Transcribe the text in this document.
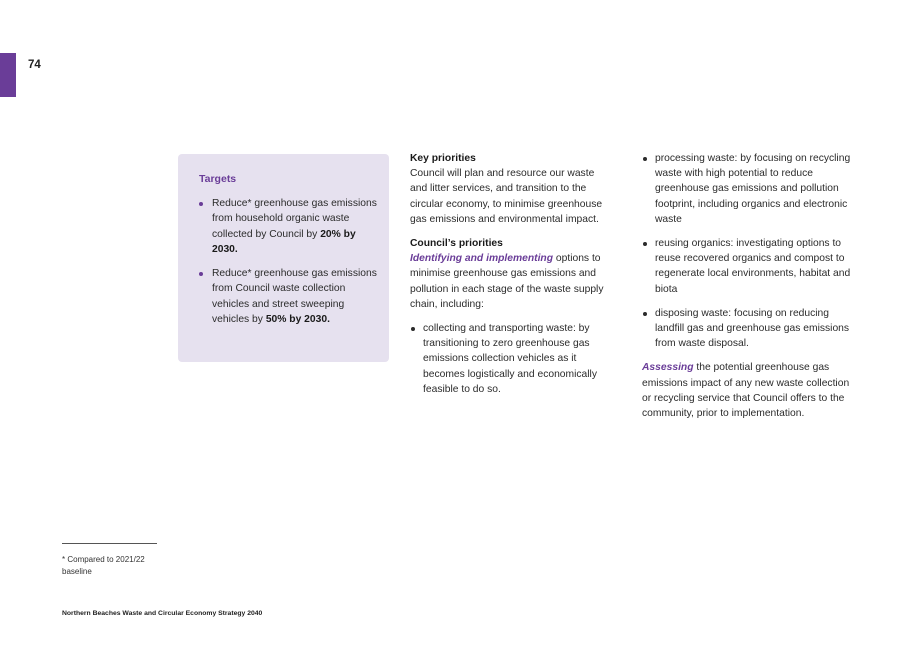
74
Targets
Reduce* greenhouse gas emissions from household organic waste collected by Council by 20% by 2030.
Reduce* greenhouse gas emissions from Council waste collection vehicles and street sweeping vehicles by 50% by 2030.
Key priorities

Council will plan and resource our waste and litter services, and transition to the circular economy, to minimise greenhouse gas emissions and environmental impact.

Council’s priorities

Identifying and implementing options to minimise greenhouse gas emissions and pollution in each stage of the waste supply chain, including:

collecting and transporting waste: by transitioning to zero greenhouse gas emissions collection vehicles as it becomes logistically and economically feasible to do so.
processing waste: by focusing on recycling waste with high potential to reduce greenhouse gas emissions and pollution footprint, including organics and electronic waste
reusing organics: investigating options to reuse recovered organics and compost to regenerate local environments, habitat and biota
disposing waste: focusing on reducing landfill gas and greenhouse gas emissions from waste disposal.

Assessing the potential greenhouse gas emissions impact of any new waste collection or recycling service that Council offers to the community, prior to implementation.

* Compared to 2021/22 baseline
Northern Beaches Waste and Circular Economy Strategy 2040
